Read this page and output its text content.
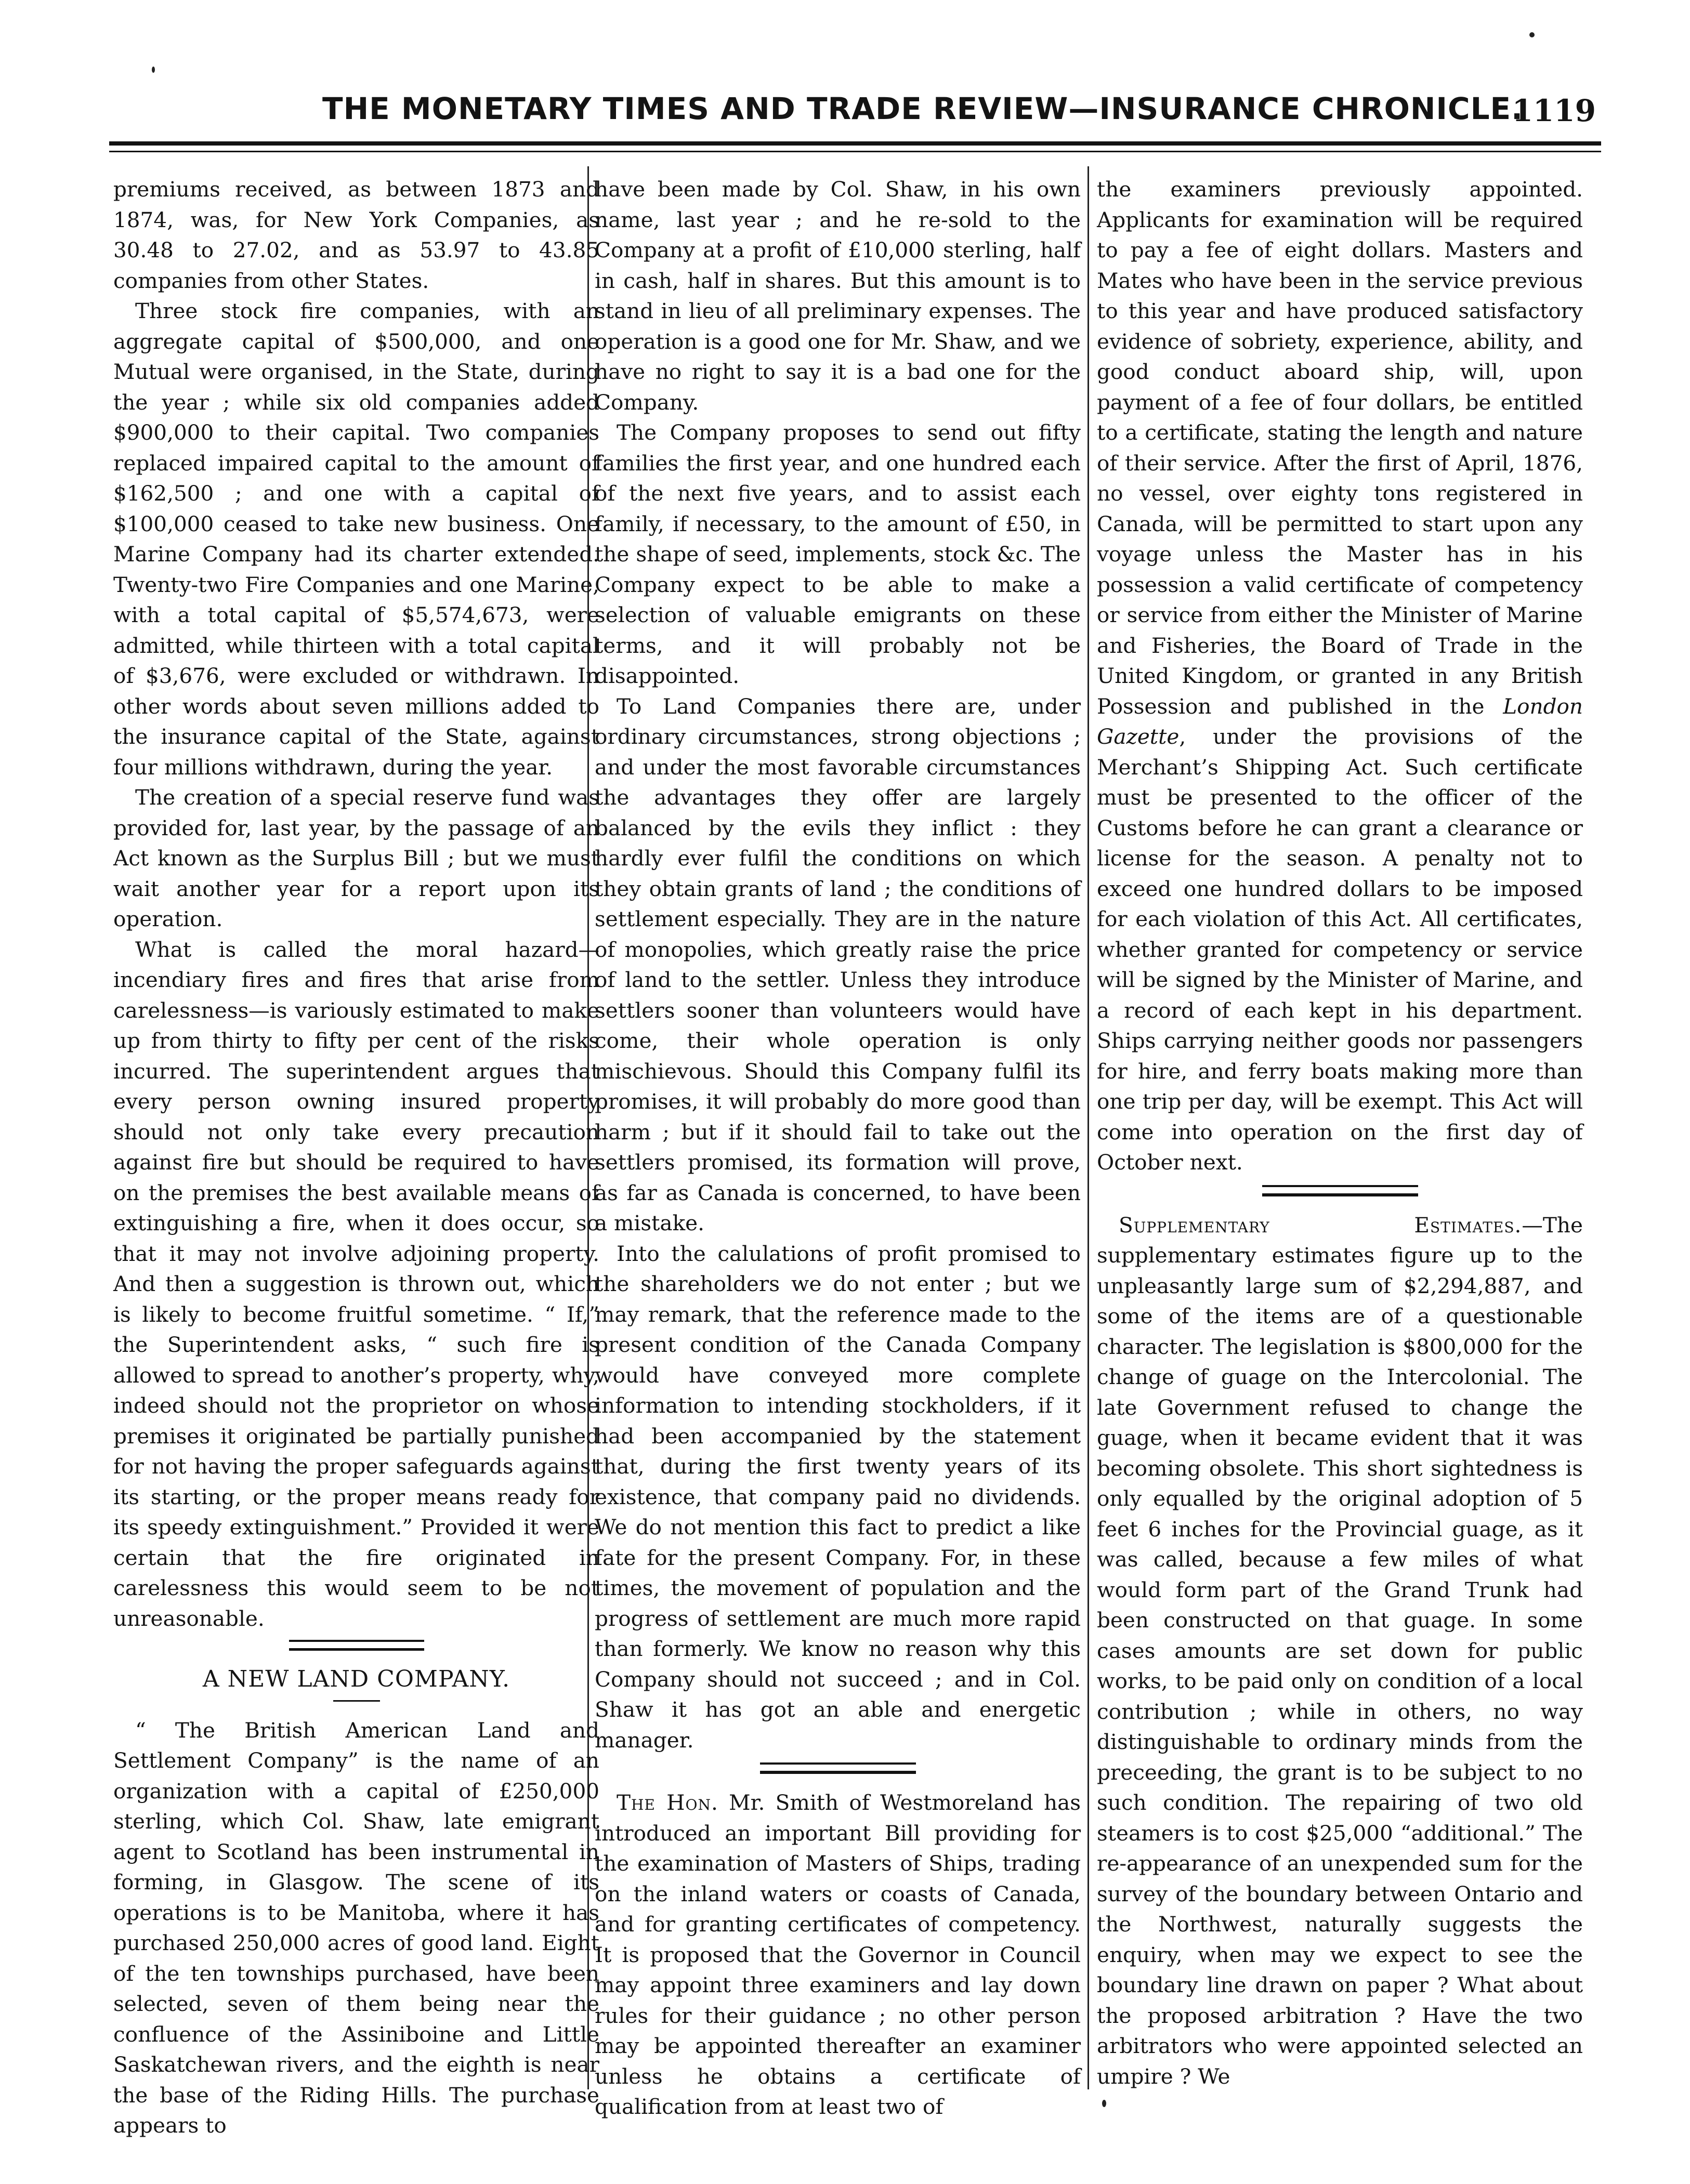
THE MONETARY TIMES AND TRADE REVIEW—INSURANCE CHRONICLE.
1119

premiums received, as between 1873 and 1874, was, for New York Companies, as 30.48 to 27.02, and as 53.97 to 43.85 companies from other States.

Three stock fire companies, with an aggregate capital of $500,000, and one Mutual were organised, in the State, during the year ; while six old companies added $900,000 to their capital. Two companies replaced impaired capital to the amount of $162,500 ; and one with a capital of $100,000 ceased to take new business. One Marine Company had its charter extended. Twenty-two Fire Companies and one Marine, with a total capital of $5,574,673, were admitted, while thirteen with a total capital of $3,676, were excluded or withdrawn. In other words about seven millions added to the insurance capital of the State, against four millions withdrawn, during the year.

The creation of a special reserve fund was provided for, last year, by the passage of an Act known as the Surplus Bill ; but we must wait another year for a report upon its operation.

What is called the moral hazard—incendiary fires and fires that arise from carelessness—is variously estimated to make up from thirty to fifty per cent of the risks incurred. The superintendent argues that every person owning insured property should not only take every precaution against fire but should be required to have on the premises the best available means of extinguishing a fire, when it does occur, so that it may not involve adjoining property. And then a suggestion is thrown out, which is likely to become fruitful sometime. “ If,” the Superintendent asks, “ such fire is allowed to spread to another’s property, why, indeed should not the proprietor on whose premises it originated be partially punished for not having the proper safeguards against its starting, or the proper means ready for its speedy extinguishment.” Provided it were certain that the fire originated in carelessness this would seem to be not unreasonable.

A NEW LAND COMPANY.

“ The British American Land and Settlement Company” is the name of an organization with a capital of £250,000 sterling, which Col. Shaw, late emigrant agent to Scotland has been instrumental in forming, in Glasgow. The scene of its operations is to be Manitoba, where it has purchased 250,000 acres of good land. Eight of the ten townships purchased, have been selected, seven of them being near the confluence of the Assiniboine and Little Saskatchewan rivers, and the eighth is near the base of the Riding Hills. The purchase appears to

have been made by Col. Shaw, in his own name, last year ; and he re-sold to the Company at a profit of £10,000 sterling, half in cash, half in shares. But this amount is to stand in lieu of all preliminary expenses. The operation is a good one for Mr. Shaw, and we have no right to say it is a bad one for the Company.

The Company proposes to send out fifty families the first year, and one hundred each of the next five years, and to assist each family, if necessary, to the amount of £50, in the shape of seed, implements, stock &c. The Company expect to be able to make a selection of valuable emigrants on these terms, and it will probably not be disappointed.

To Land Companies there are, under ordinary circumstances, strong objections ; and under the most favorable circumstances the advantages they offer are largely balanced by the evils they inflict : they hardly ever fulfil the conditions on which they obtain grants of land ; the conditions of settlement especially. They are in the nature of monopolies, which greatly raise the price of land to the settler. Unless they introduce settlers sooner than volunteers would have come, their whole operation is only mischievous. Should this Company fulfil its promises, it will probably do more good than harm ; but if it should fail to take out the settlers promised, its formation will prove, as far as Canada is concerned, to have been a mistake.

Into the calulations of profit promised to the shareholders we do not enter ; but we may remark, that the reference made to the present condition of the Canada Company would have conveyed more complete information to intending stockholders, if it had been accompanied by the statement that, during the first twenty years of its existence, that company paid no dividends. We do not mention this fact to predict a like fate for the present Company. For, in these times, the movement of population and the progress of settlement are much more rapid than formerly. We know no reason why this Company should not succeed ; and in Col. Shaw it has got an able and energetic manager.

The Hon. Mr. Smith of Westmoreland has introduced an important Bill providing for the examination of Masters of Ships, trading on the inland waters or coasts of Canada, and for granting certificates of competency. It is proposed that the Governor in Council may appoint three examiners and lay down rules for their guidance ; no other person may be appointed thereafter an examiner unless he obtains a certificate of qualification from at least two of

the examiners previously appointed. Applicants for examination will be required to pay a fee of eight dollars. Masters and Mates who have been in the service previous to this year and have produced satisfactory evidence of sobriety, experience, ability, and good conduct aboard ship, will, upon payment of a fee of four dollars, be entitled to a certificate, stating the length and nature of their service. After the first of April, 1876, no vessel, over eighty tons registered in Canada, will be permitted to start upon any voyage unless the Master has in his possession a valid certificate of competency or service from either the Minister of Marine and Fisheries, the Board of Trade in the United Kingdom, or granted in any British Possession and published in the London Gazette, under the provisions of the Merchant’s Shipping Act. Such certificate must be presented to the officer of the Customs before he can grant a clearance or license for the season. A penalty not to exceed one hundred dollars to be imposed for each violation of this Act. All certificates, whether granted for competency or service will be signed by the Minister of Marine, and a record of each kept in his department. Ships carrying neither goods nor passengers for hire, and ferry boats making more than one trip per day, will be exempt. This Act will come into operation on the first day of October next.

Supplementary Estimates.—The supplementary estimates figure up to the unpleasantly large sum of $2,294,887, and some of the items are of a questionable character. The legislation is $800,000 for the change of guage on the Intercolonial. The late Government refused to change the guage, when it became evident that it was becoming obsolete. This short sightedness is only equalled by the original adoption of 5 feet 6 inches for the Provincial guage, as it was called, because a few miles of what would form part of the Grand Trunk had been constructed on that guage. In some cases amounts are set down for public works, to be paid only on condition of a local contribution ; while in others, no way distinguishable to ordinary minds from the preceeding, the grant is to be subject to no such condition. The repairing of two old steamers is to cost $25,000 “additional.” The re-appearance of an unexpended sum for the survey of the boundary between Ontario and the Northwest, naturally suggests the enquiry, when may we expect to see the boundary line drawn on paper ? What about the proposed arbitration ? Have the two arbitrators who were appointed selected an umpire ? We
